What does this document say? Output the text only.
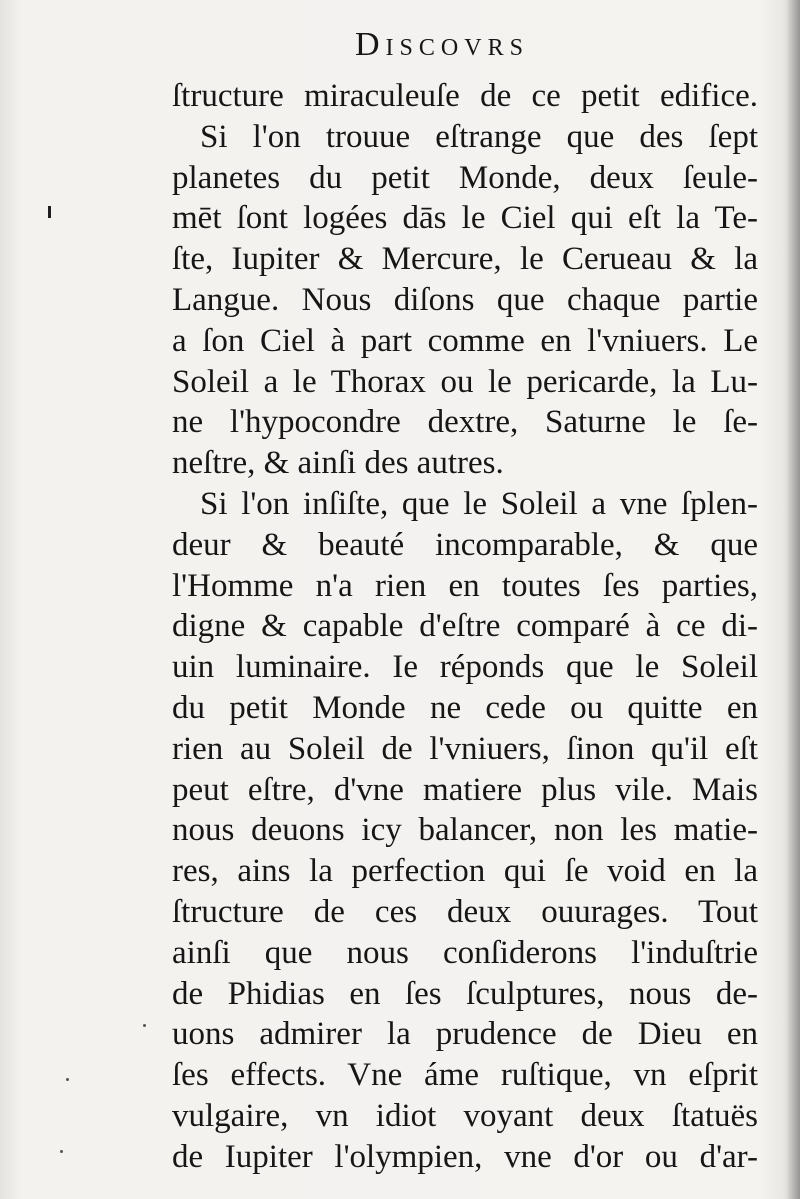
Discovrs
ſtructure miraculeuſe de ce petit edifice.
Si l'on trouue eſtrange que des ſept
planetes du petit Monde, deux ſeule-
mēt ſont logées dās le Ciel qui eſt la Te-
ſte, Iupiter & Mercure, le Cerueau & la
Langue. Nous diſons que chaque partie
a ſon Ciel à part comme en l'vniuers. Le
Soleil a le Thorax ou le pericarde, la Lu-
ne l'hypocondre dextre, Saturne le ſe-
neſtre, & ainſi des autres.
Si l'on inſiſte, que le Soleil a vne ſplen-
deur & beauté incomparable, & que
l'Homme n'a rien en toutes ſes parties,
digne & capable d'eſtre comparé à ce di-
uin luminaire. Ie réponds que le Soleil
du petit Monde ne cede ou quitte en
rien au Soleil de l'vniuers, ſinon qu'il eſt
peut eſtre, d'vne matiere plus vile. Mais
nous deuons icy balancer, non les matie-
res, ains la perfection qui ſe void en la
ſtructure de ces deux ouurages. Tout
ainſi que nous conſiderons l'induſtrie
de Phidias en ſes ſculptures, nous de-
uons admirer la prudence de Dieu en
ſes effects. Vne áme ruſtique, vn eſprit
vulgaire, vn idiot voyant deux ſtatuës
de Iupiter l'olympien, vne d'or ou d'ar-
